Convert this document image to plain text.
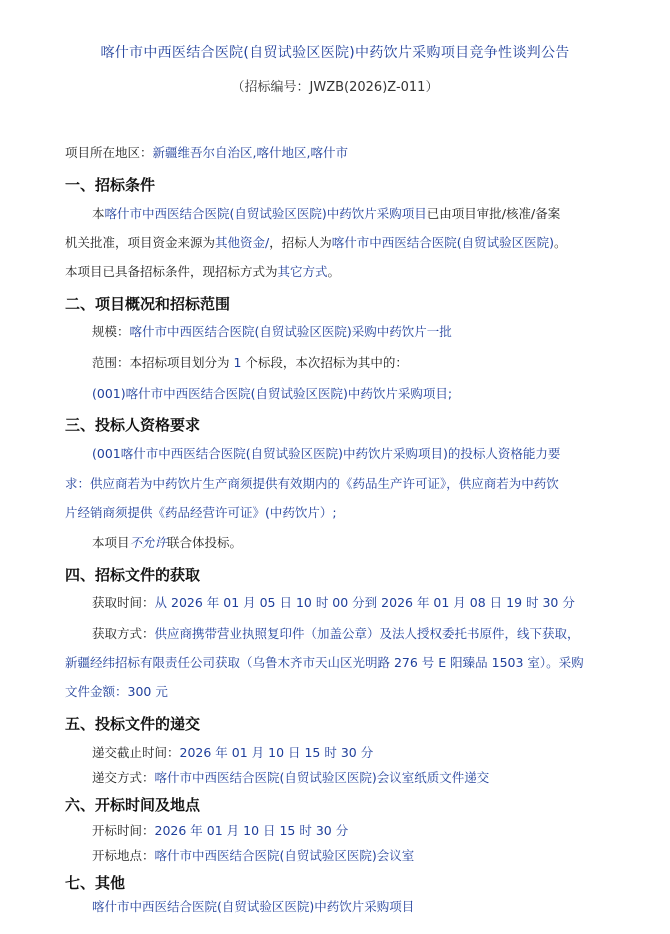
喀什市中西医结合医院(自贸试验区医院)中药饮片采购项目竞争性谈判公告
（招标编号：JWZB(2026)Z-011）
项目所在地区：新疆维吾尔自治区,喀什地区,喀什市
一、招标条件
本喀什市中西医结合医院(自贸试验区医院)中药饮片采购项目已由项目审批/核准/备案
机关批准，项目资金来源为其他资金/，招标人为喀什市中西医结合医院(自贸试验区医院)。
本项目已具备招标条件，现招标方式为其它方式。
二、项目概况和招标范围
规模：喀什市中西医结合医院(自贸试验区医院)采购中药饮片一批
范围：本招标项目划分为 1 个标段，本次招标为其中的：
(001)喀什市中西医结合医院(自贸试验区医院)中药饮片采购项目;
三、投标人资格要求
(001喀什市中西医结合医院(自贸试验区医院)中药饮片采购项目)的投标人资格能力要
求：供应商若为中药饮片生产商须提供有效期内的《药品生产许可证》，供应商若为中药饮
片经销商须提供《药品经营许可证》(中药饮片）;
本项目不允许联合体投标。
四、招标文件的获取
获取时间：从 2026 年 01 月 05 日 10 时 00 分到 2026 年 01 月 08 日 19 时 30 分
获取方式：供应商携带营业执照复印件（加盖公章）及法人授权委托书原件，线下获取，
新疆经纬招标有限责任公司获取（乌鲁木齐市天山区光明路 276 号 E 阳臻品 1503 室）。采购
文件金额：300 元
五、投标文件的递交
递交截止时间：2026 年 01 月 10 日 15 时 30 分
递交方式：喀什市中西医结合医院(自贸试验区医院)会议室纸质文件递交
六、开标时间及地点
开标时间：2026 年 01 月 10 日 15 时 30 分
开标地点：喀什市中西医结合医院(自贸试验区医院)会议室
七、其他
喀什市中西医结合医院(自贸试验区医院)中药饮片采购项目
